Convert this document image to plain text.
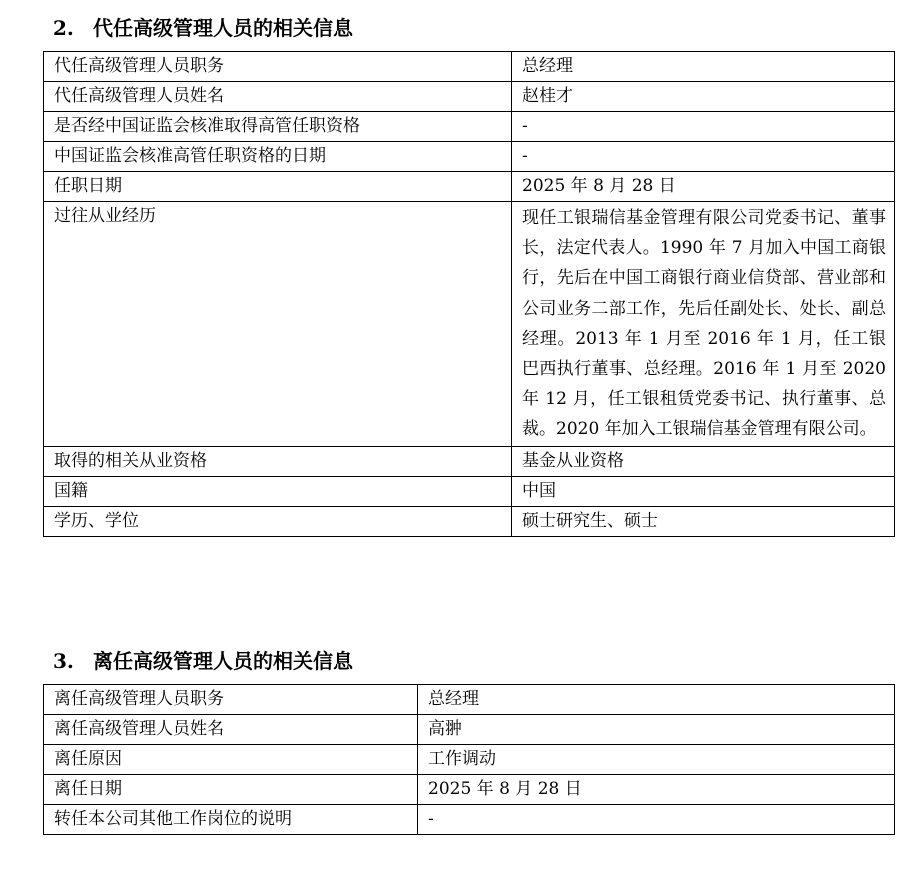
2. 代任高级管理人员的相关信息
代任高级管理人员职务	总经理
代任高级管理人员姓名	赵桂才
是否经中国证监会核准取得高管任职资格	-
中国证监会核准高管任职资格的日期	-
任职日期	2025 年 8 月 28 日
过往从业经历	现任工银瑞信基金管理有限公司党委书记、董事长，法定代表人。1990 年 7 月加入中国工商银行，先后在中国工商银行商业信贷部、营业部和公司业务二部工作，先后任副处长、处长、副总经理。2013 年 1 月至 2016 年 1 月，任工银巴西执行董事、总经理。2016 年 1 月至 2020 年 12 月，任工银租赁党委书记、执行董事、总裁。2020 年加入工银瑞信基金管理有限公司。
取得的相关从业资格	基金从业资格
国籍	中国
学历、学位	硕士研究生、硕士
3. 离任高级管理人员的相关信息
离任高级管理人员职务	总经理
离任高级管理人员姓名	高翀
离任原因	工作调动
离任日期	2025 年 8 月 28 日
转任本公司其他工作岗位的说明	-
